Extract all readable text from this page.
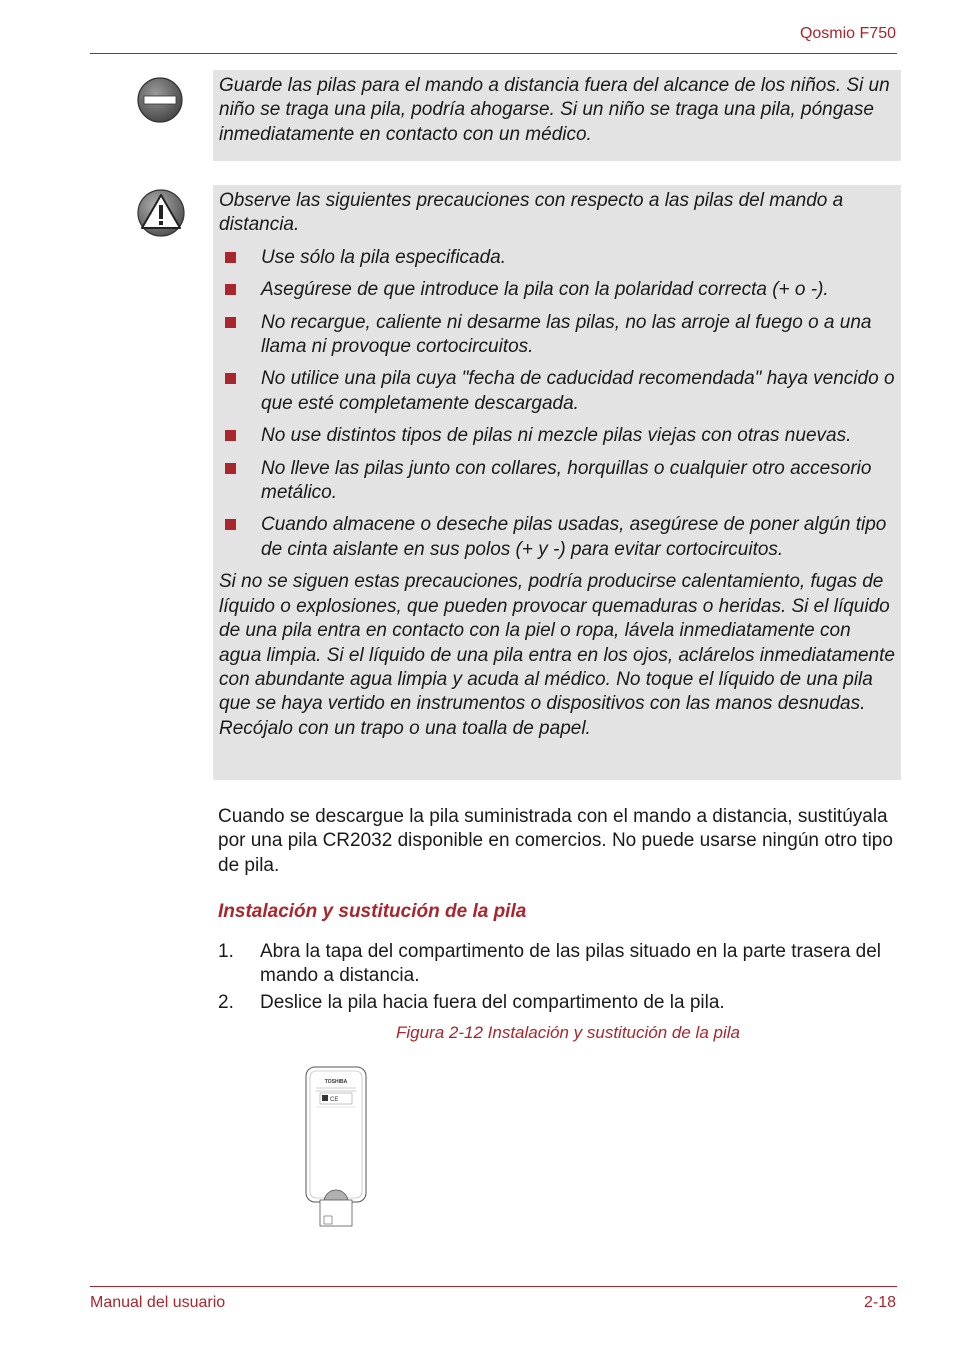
Qosmio F750

Guarde las pilas para el mando a distancia fuera del alcance de los niños. Si un niño se traga una pila, podría ahogarse. Si un niño se traga una pila, póngase inmediatamente en contacto con un médico.

Observe las siguientes precauciones con respecto a las pilas del mando a distancia.

Use sólo la pila especificada.
Asegúrese de que introduce la pila con la polaridad correcta (+ o -).
No recargue, caliente ni desarme las pilas, no las arroje al fuego o a una llama ni provoque cortocircuitos.
No utilice una pila cuya "fecha de caducidad recomendada" haya vencido o que esté completamente descargada.
No use distintos tipos de pilas ni mezcle pilas viejas con otras nuevas.
No lleve las pilas junto con collares, horquillas o cualquier otro accesorio metálico.
Cuando almacene o deseche pilas usadas, asegúrese de poner algún tipo de cinta aislante en sus polos (+ y -) para evitar cortocircuitos.

Si no se siguen estas precauciones, podría producirse calentamiento, fugas de líquido o explosiones, que pueden provocar quemaduras o heridas. Si el líquido de una pila entra en contacto con la piel o ropa, lávela inmediatamente con agua limpia. Si el líquido de una pila entra en los ojos, aclárelos inmediatamente con abundante agua limpia y acuda al médico. No toque el líquido de una pila que se haya vertido en instrumentos o dispositivos con las manos desnudas. Recójalo con un trapo o una toalla de papel.

Cuando se descargue la pila suministrada con el mando a distancia, sustitúyala por una pila CR2032 disponible en comercios. No puede usarse ningún otro tipo de pila.

Instalación y sustitución de la pila
1. Abra la tapa del compartimento de las pilas situado en la parte trasera del mando a distancia.
2. Deslice la pila hacia fuera del compartimento de la pila.
Figura 2-12 Instalación y sustitución de la pila
TOSHIBA
CE
Manual del usuario	2-18
